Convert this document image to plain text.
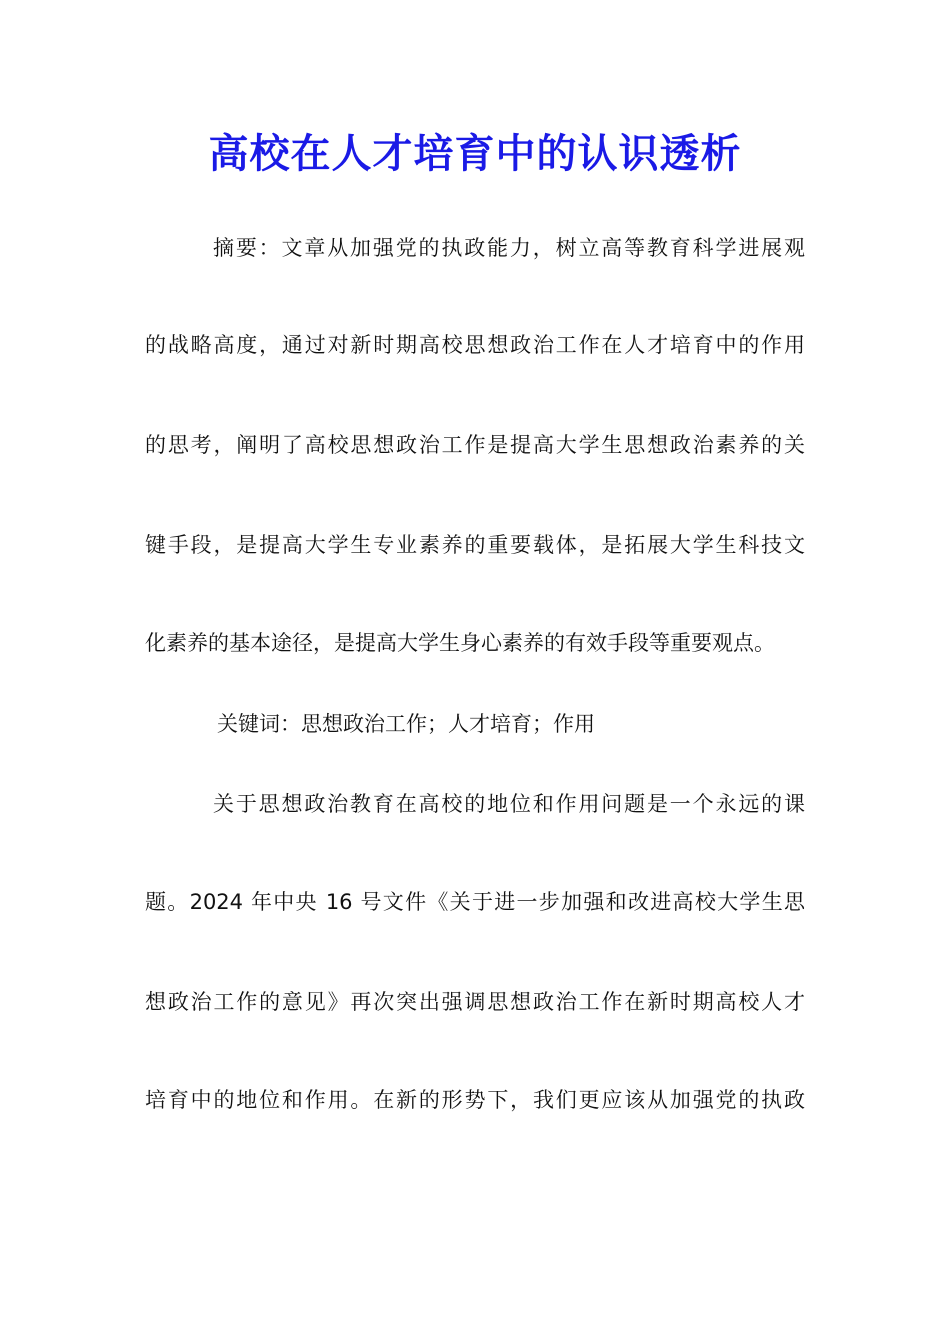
高校在人才培育中的认识透析
摘要：文章从加强党的执政能力，树立高等教育科学进展观
的战略高度，通过对新时期高校思想政治工作在人才培育中的作用
的思考，阐明了高校思想政治工作是提高大学生思想政治素养的关
键手段，是提高大学生专业素养的重要载体，是拓展大学生科技文
化素养的基本途径，是提高大学生身心素养的有效手段等重要观点。
关键词：思想政治工作；人才培育；作用
关于思想政治教育在高校的地位和作用问题是一个永远的课
题。2024 年中央 16 号文件《关于进一步加强和改进高校大学生思
想政治工作的意见》再次突出强调思想政治工作在新时期高校人才
培育中的地位和作用。在新的形势下，我们更应该从加强党的执政
